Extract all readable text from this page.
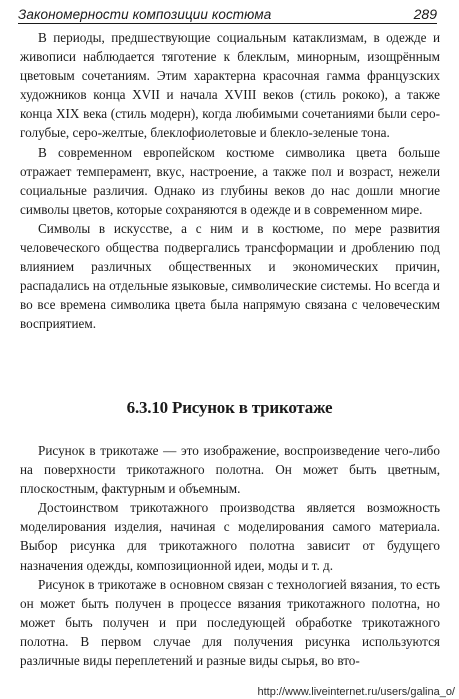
Закономерности композиции костюма	289

В периоды, предшествующие социальным катаклизмам, в одежде и живописи наблюдается тяготение к блеклым, минорным, изощрённым цветовым сочетаниям. Этим характерна красочная гамма французских художников конца XVII и начала XVIII веков (стиль рококо), а также конца XIX века (стиль модерн), когда любимыми сочетаниями были серо-голубые, серо-желтые, блеклофиолетовые и блекло-зеленые тона.

В современном европейском костюме символика цвета больше отражает темперамент, вкус, настроение, а также пол и возраст, нежели социальные различия. Однако из глубины веков до нас дошли многие символы цветов, которые сохраняются в одежде и в современном мире.

Символы в искусстве, а с ним и в костюме, по мере развития человеческого общества подвергались трансформации и дроблению под влиянием различных общественных и экономических причин, распадались на отдельные языковые, символические системы. Но всегда и во все времена символика цвета была напрямую связана с человеческим восприятием.

6.3.10 Рисунок в трикотаже

Рисунок в трикотаже — это изображение, воспроизведение чего-либо на поверхности трикотажного полотна. Он может быть цветным, плоскостным, фактурным и объемным.

Достоинством трикотажного производства является возможность моделирования изделия, начиная с моделирования самого материала. Выбор рисунка для трикотажного полотна зависит от будущего назначения одежды, композиционной идеи, моды и т. д.

Рисунок в трикотаже в основном связан с технологией вязания, то есть он может быть получен в процессе вязания трикотажного полотна, но может быть получен и при последующей обработке трикотажного полотна. В первом случае для получения рисунка используются различные виды переплетений и разные виды сырья, во вто-

http://www.liveinternet.ru/users/galina_o/
